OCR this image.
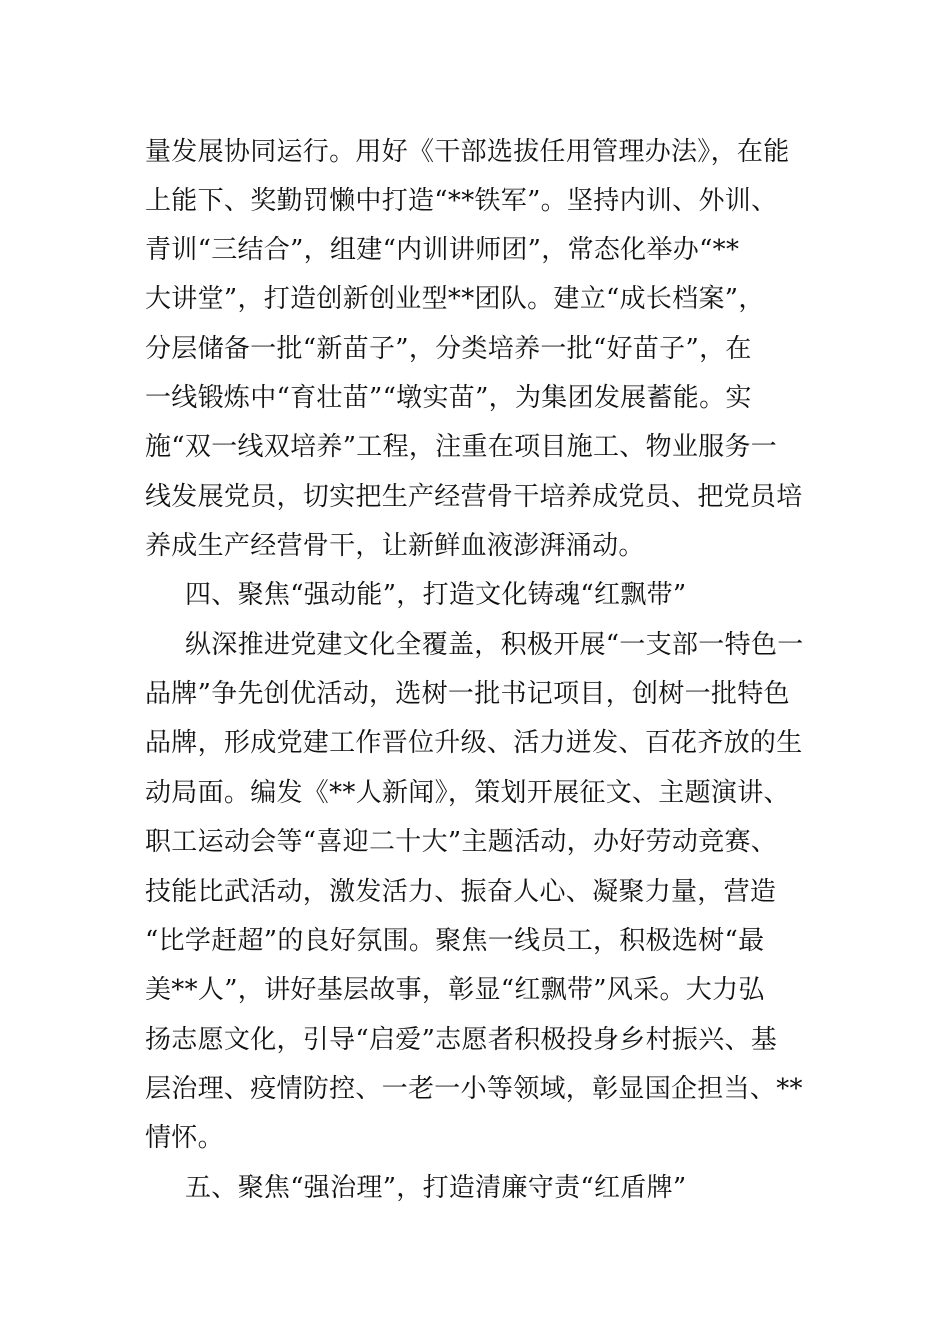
量发展协同运行。用好《干部选拔任用管理办法》，在能
上能下、奖勤罚懒中打造“**铁军”。坚持内训、外训、
青训“三结合”，组建“内训讲师团”，常态化举办“**
大讲堂”，打造创新创业型**团队。建立“成长档案”，
分层储备一批“新苗子”，分类培养一批“好苗子”，在
一线锻炼中“育壮苗”“墩实苗”，为集团发展蓄能。实
施“双一线双培养”工程，注重在项目施工、物业服务一
线发展党员，切实把生产经营骨干培养成党员、把党员培
养成生产经营骨干，让新鲜血液澎湃涌动。
四、聚焦“强动能”，打造文化铸魂“红飘带”
纵深推进党建文化全覆盖，积极开展“一支部一特色一
品牌”争先创优活动，选树一批书记项目，创树一批特色
品牌，形成党建工作晋位升级、活力迸发、百花齐放的生
动局面。编发《**人新闻》，策划开展征文、主题演讲、
职工运动会等“喜迎二十大”主题活动，办好劳动竞赛、
技能比武活动，激发活力、振奋人心、凝聚力量，营造
“比学赶超”的良好氛围。聚焦一线员工，积极选树“最
美**人”，讲好基层故事，彰显“红飘带”风采。大力弘
扬志愿文化，引导“启爱”志愿者积极投身乡村振兴、基
层治理、疫情防控、一老一小等领域，彰显国企担当、**
情怀。
五、聚焦“强治理”，打造清廉守责“红盾牌”
